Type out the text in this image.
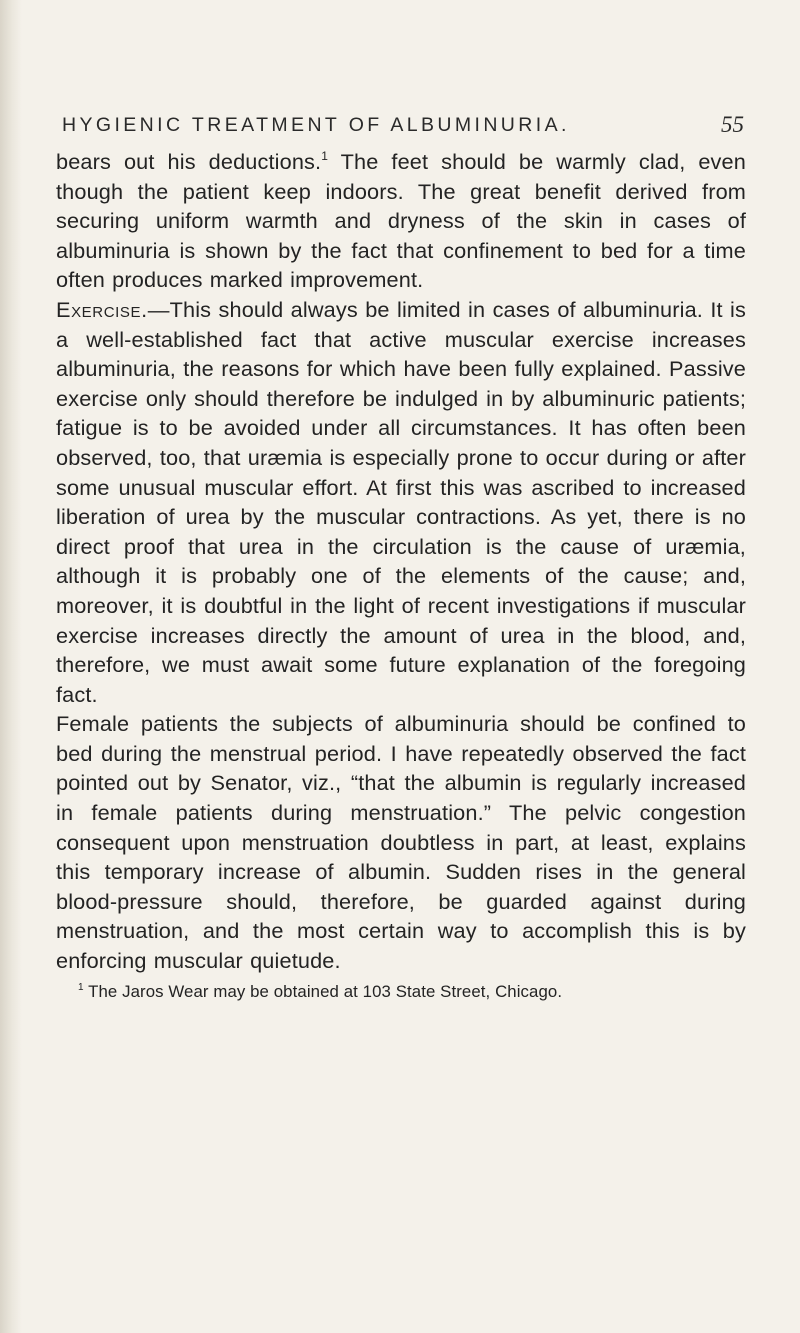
HYGIENIC TREATMENT OF ALBUMINURIA.	55

bears out his deductions.$^1$ The feet should be warmly clad, even though the patient keep indoors. The great benefit derived from securing uniform warmth and dryness of the skin in cases of albuminuria is shown by the fact that confinement to bed for a time often produces marked improvement.

Exercise.—This should always be limited in cases of albuminuria. It is a well-established fact that active muscular exercise increases albuminuria, the reasons for which have been fully explained. Passive exercise only should therefore be indulged in by albuminuric patients; fatigue is to be avoided under all circumstances. It has often been observed, too, that uræmia is especially prone to occur during or after some unusual muscular effort. At first this was ascribed to increased liberation of urea by the muscular contractions. As yet, there is no direct proof that urea in the circulation is the cause of uræmia, although it is probably one of the elements of the cause; and, moreover, it is doubtful in the light of recent investigations if muscular exercise increases directly the amount of urea in the blood, and, therefore, we must await some future explanation of the foregoing fact.

Female patients the subjects of albuminuria should be confined to bed during the menstrual period. I have repeatedly observed the fact pointed out by Senator, viz., “that the albumin is regularly increased in female patients during menstruation.” The pelvic congestion consequent upon menstruation doubtless in part, at least, explains this temporary increase of albumin. Sudden rises in the general blood-pressure should, therefore, be guarded against during menstruation, and the most certain way to accomplish this is by enforcing muscular quietude.

$^1$ The Jaros Wear may be obtained at 103 State Street, Chicago.
